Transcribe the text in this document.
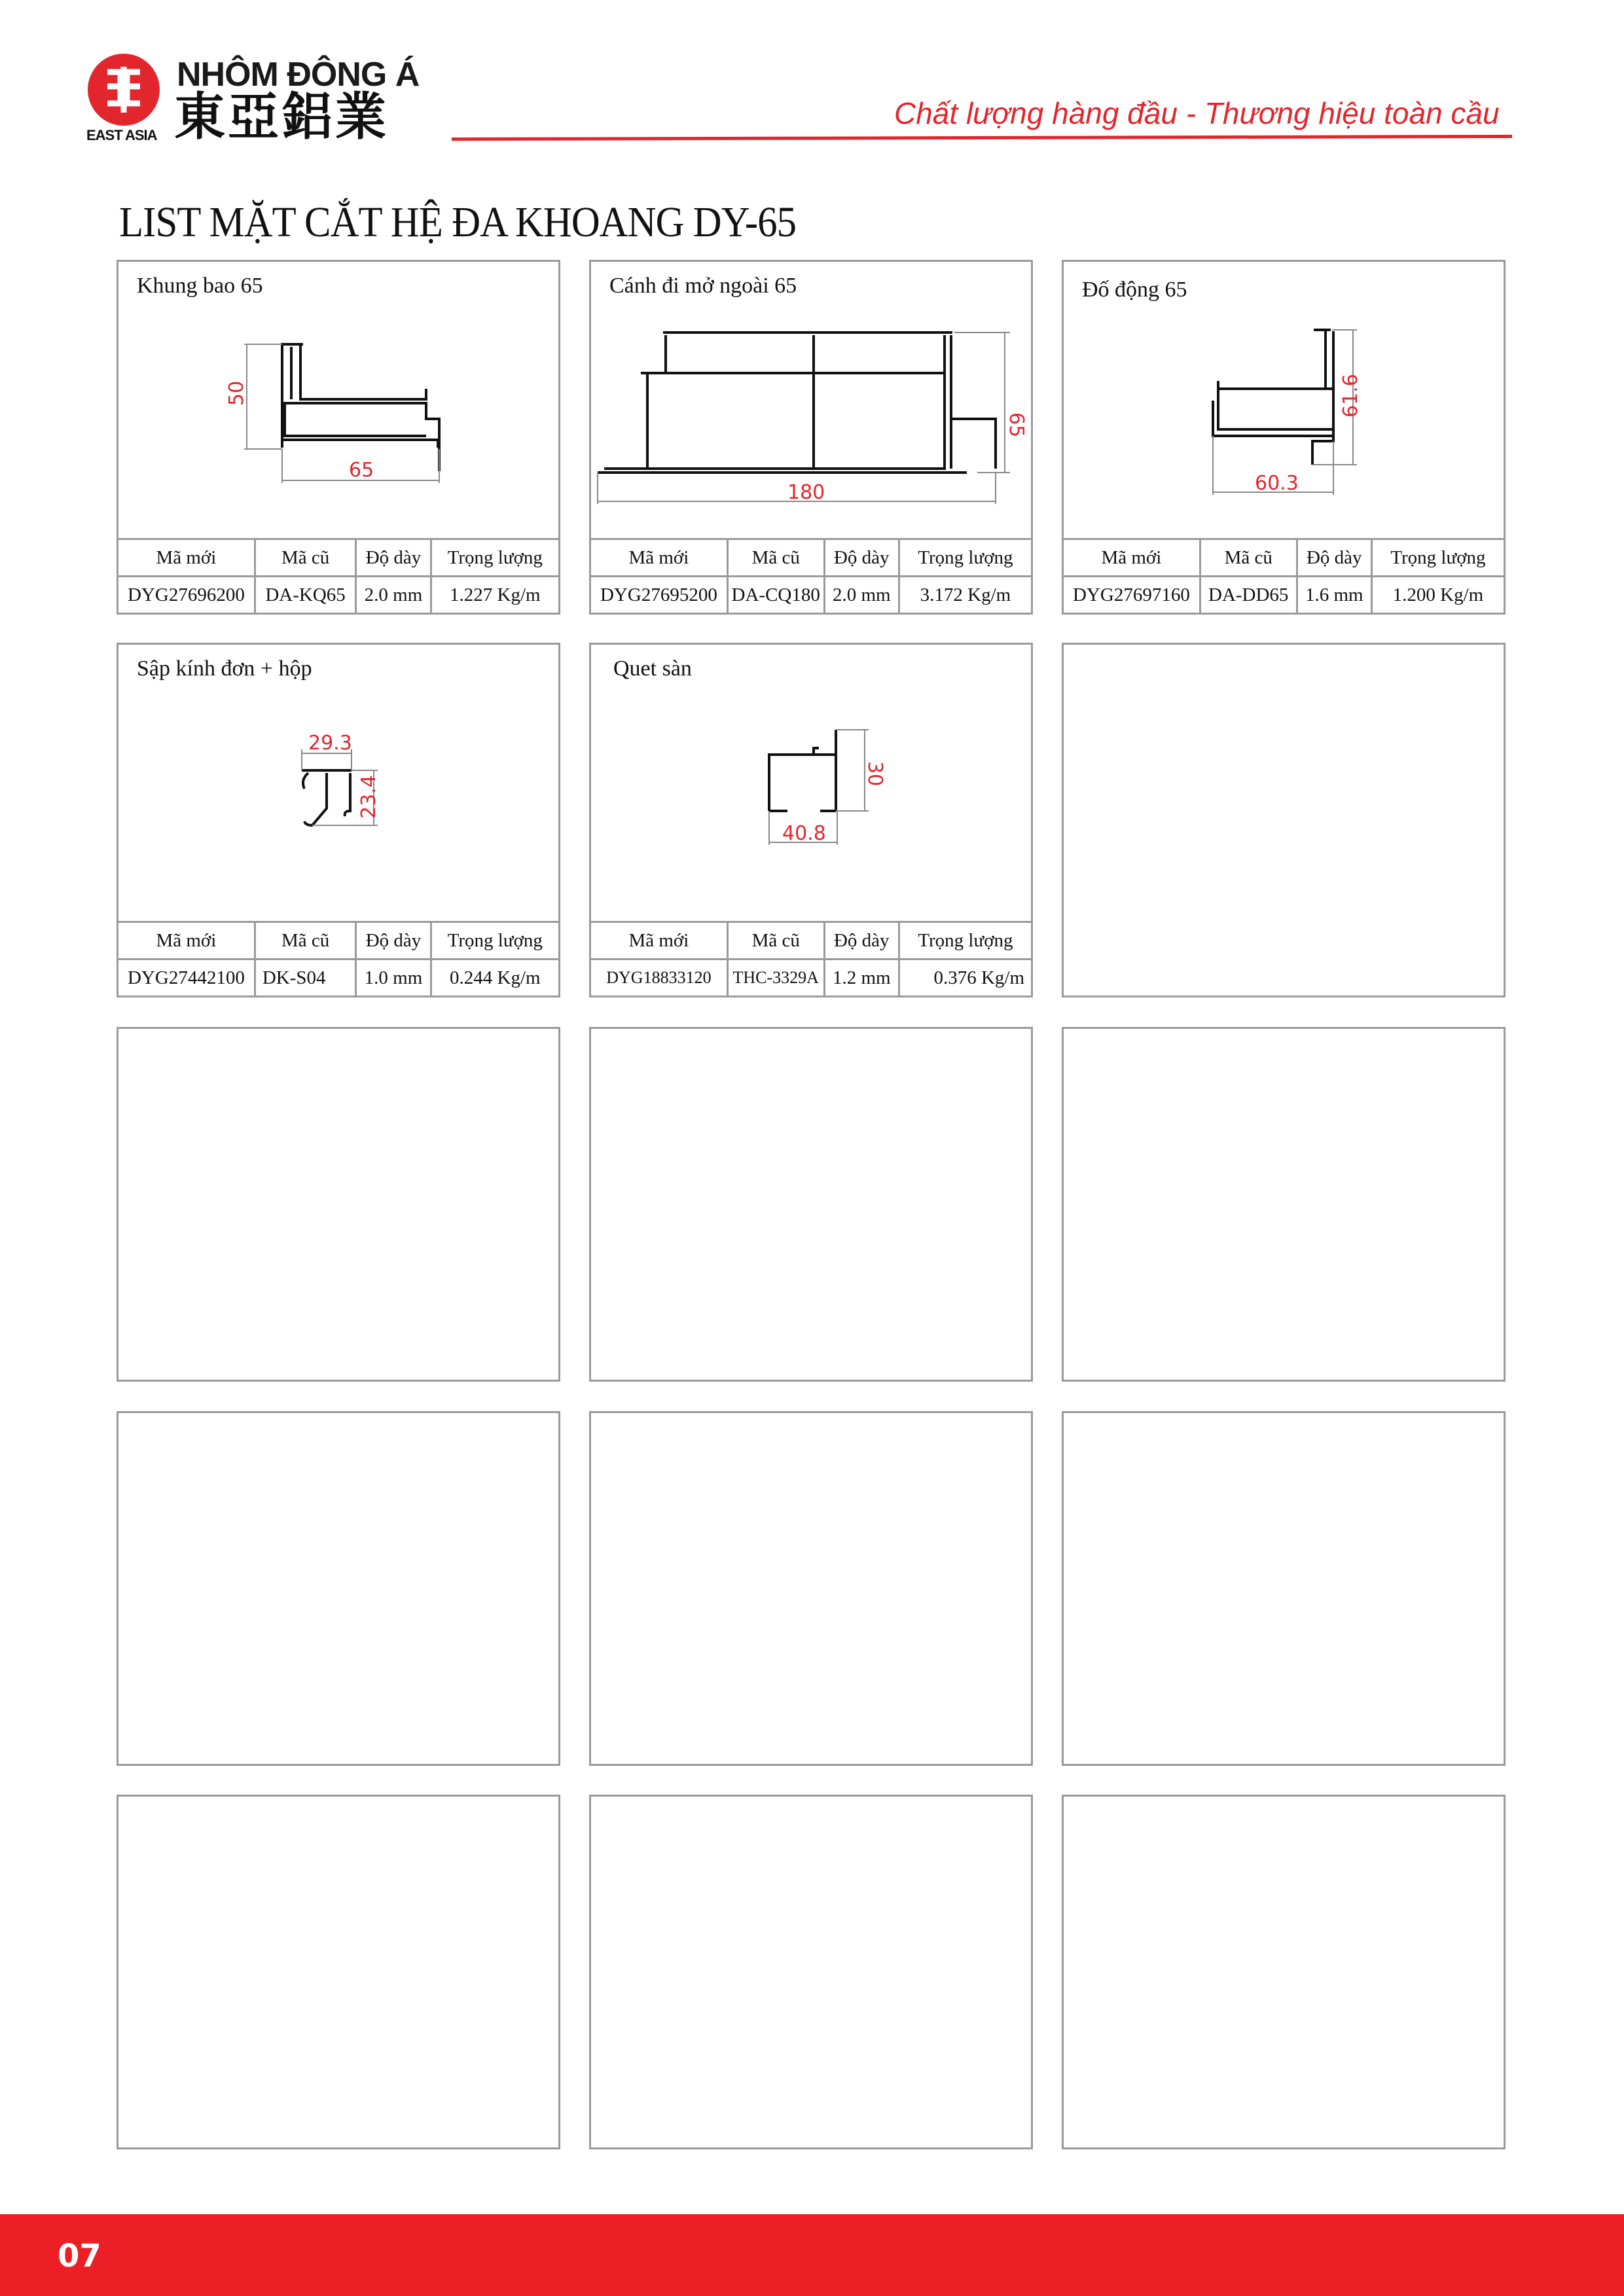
EAST ASIA
NHÔM ĐÔNG Á
東亞鋁業	Chất lượng hàng đầu - Thương hiệu toàn cầu
LIST MẶT CẮT HỆ ĐA KHOANG DY-65
Khung bao 65
65
50
Mã mới	Mã cũ	Độ dày	Trọng lượng
DYG27696200	DA-KQ65	2.0 mm	1.227 Kg/m
Cánh đi mở ngoài 65
180
65
Mã mới	Mã cũ	Độ dày	Trọng lượng
DYG27695200	DA-CQ180	2.0 mm	3.172 Kg/m
Đố động 65
60.3
61.6
Mã mới	Mã cũ	Độ dày	Trọng lượng
DYG27697160	DA-DD65	1.6 mm	1.200 Kg/m
Sập kính đơn + hộp
29.3
23.4
Mã mới	Mã cũ	Độ dày	Trọng lượng
DYG27442100	DK-S04	1.0 mm	0.244 Kg/m
Quet sàn
40.8
30
Mã mới	Mã cũ	Độ dày	Trọng lượng
DYG18833120	THC-3329A	1.2 mm	0.376 Kg/m
07
